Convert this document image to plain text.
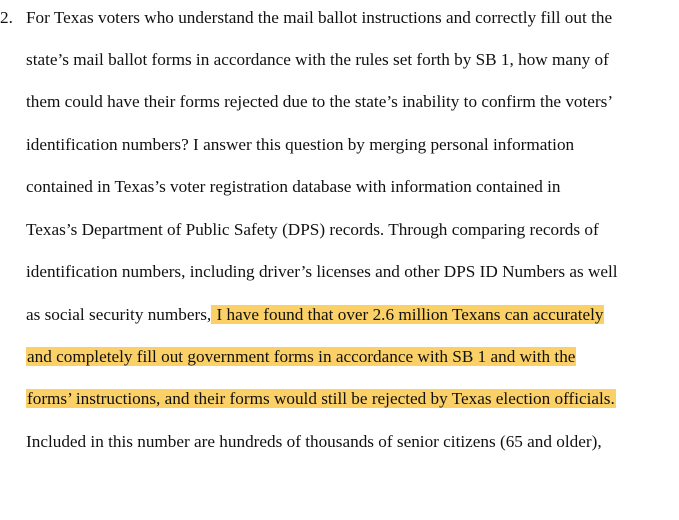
2. For Texas voters who understand the mail ballot instructions and correctly fill out the
state’s mail ballot forms in accordance with the rules set forth by SB 1, how many of
them could have their forms rejected due to the state’s inability to confirm the voters’
identification numbers? I answer this question by merging personal information
contained in Texas’s voter registration database with information contained in
Texas’s Department of Public Safety (DPS) records. Through comparing records of
identification numbers, including driver’s licenses and other DPS ID Numbers as well
as social security numbers, I have found that over 2.6 million Texans can accurately
and completely fill out government forms in accordance with SB 1 and with the
forms’ instructions, and their forms would still be rejected by Texas election officials.
Included in this number are hundreds of thousands of senior citizens (65 and older),
